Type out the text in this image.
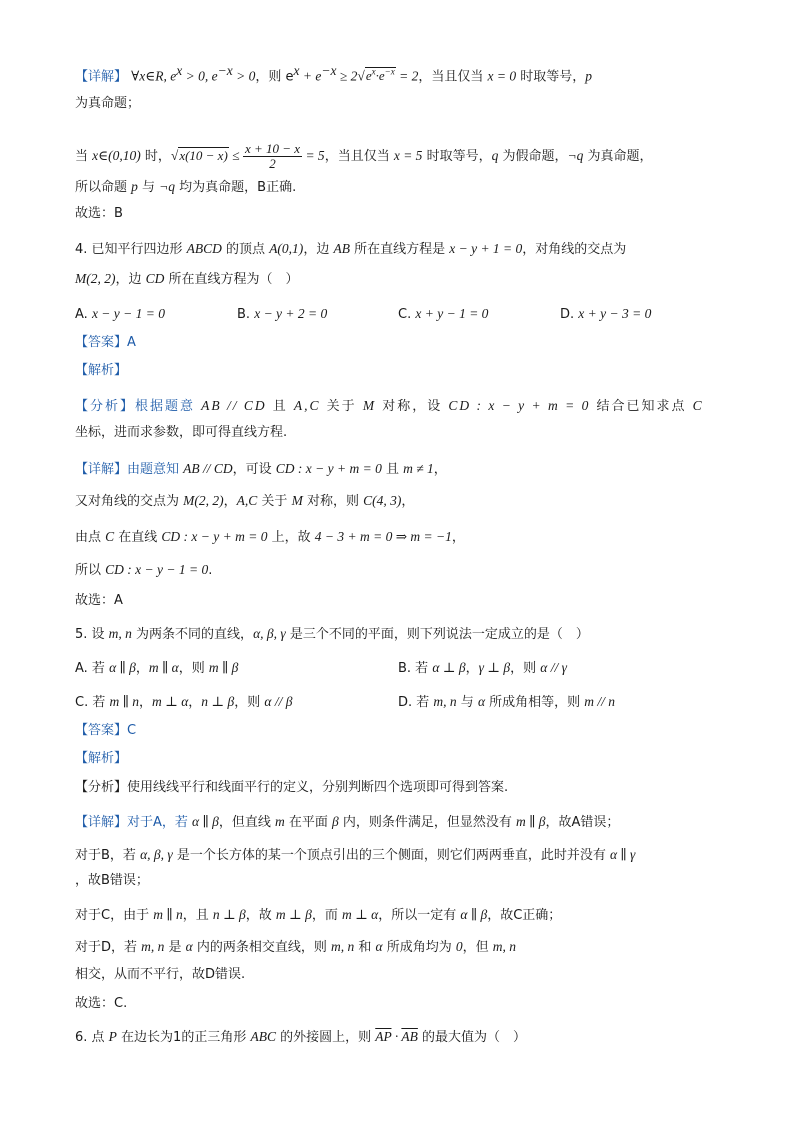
【详解】 ∀x∈R, $e^x > 0$, $e^{-x} > 0$，则 $e^x + e^{-x} \ge 2√e^x\cdot e^{-x} = 2$，当且仅当 x = 0 时取等号，p
为真命题；
当 x∈(0,10) 时，$√x(10 - x) \le \frac{x + 10 - x}{2} = 5$，当且仅当 x = 5 时取等号，q 为假命题，¬q 为真命题，
所以命题 p 与 ¬q 均为真命题，B正确.
故选：B
4. 已知平行四边形 ABCD 的顶点 A(0,1)，边 AB 所在直线方程是 x − y + 1 = 0，对角线的交点为
M(2, 2)，边 CD 所在直线方程为（　）
A. x − y − 1 = 0	B. x − y + 2 = 0	C. x + y − 1 = 0	D. x + y − 3 = 0
【答案】A
【解析】
【分析】根据题意 AB // CD 且 A,C 关于 M 对称，设 CD : x − y + m = 0 结合已知求点 C
坐标，进而求参数，即可得直线方程.
【详解】由题意知 AB // CD，可设 CD : x − y + m = 0 且 m ≠ 1，
又对角线的交点为 M(2, 2)，A,C 关于 M 对称，则 C(4, 3)，
由点 C 在直线 CD : x − y + m = 0 上，故 4 − 3 + m = 0 ⇒ m = −1，
所以 CD : x − y − 1 = 0.
故选：A
5. 设 m, n 为两条不同的直线，α, β, γ 是三个不同的平面，则下列说法一定成立的是（　）
A. 若 α ∥ β，m ∥ α，则 m ∥ β	B. 若 α ⊥ β，γ ⊥ β，则 α // γ
C. 若 m ∥ n，m ⊥ α，n ⊥ β，则 α // β	D. 若 m, n 与 α 所成角相等，则 m // n
【答案】C
【解析】
【分析】使用线线平行和线面平行的定义，分别判断四个选项即可得到答案.
【详解】对于A，若 α ∥ β，但直线 m 在平面 β 内，则条件满足，但显然没有 m ∥ β，故A错误；
对于B，若 α, β, γ 是一个长方体的某一个顶点引出的三个侧面，则它们两两垂直，此时并没有 α ∥ γ
，故B错误；
对于C，由于 m ∥ n，且 n ⊥ β，故 m ⊥ β，而 m ⊥ α，所以一定有 α ∥ β，故C正确；
对于D，若 m, n 是 α 内的两条相交直线，则 m, n 和 α 所成角均为 0，但 m, n
相交，从而不平行，故D错误.
故选：C.
6. 点 P 在边长为1的正三角形 ABC 的外接圆上，则 $\overline{AP} \cdot \overline{AB}$ 的最大值为（　）
